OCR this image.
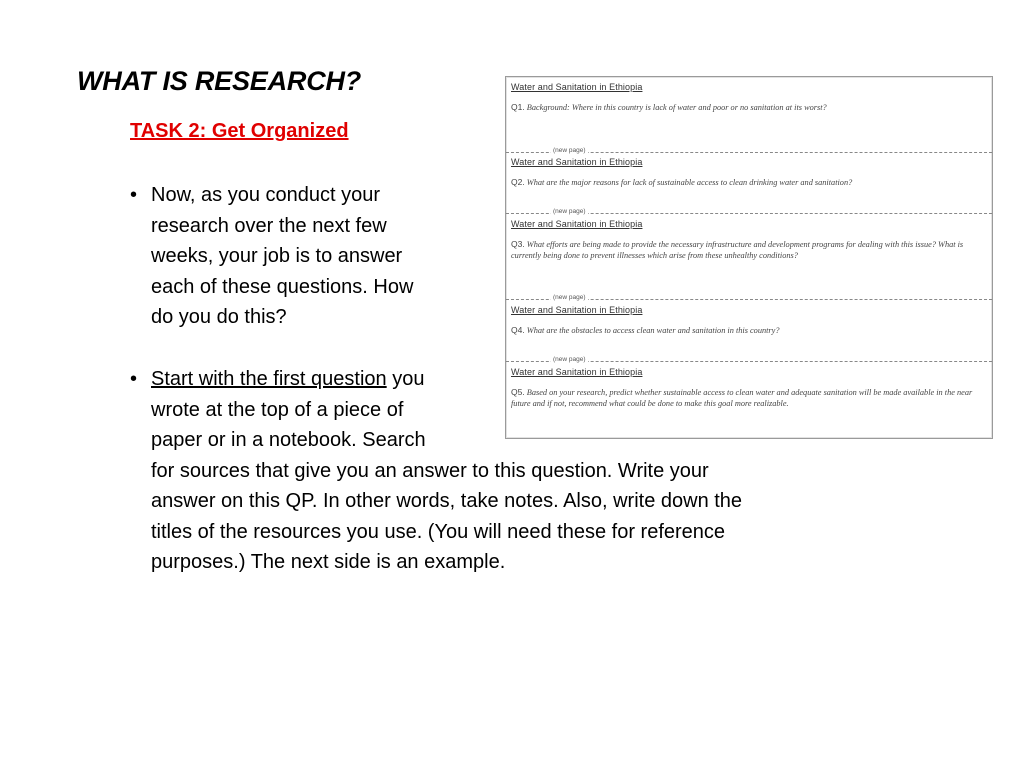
WHAT IS RESEARCH?
TASK 2: Get Organized
• Now, as you conduct your
research over the next few
weeks, your job is to answer
each of these questions. How
do you do this?
• Start with the first question you
wrote at the top of a piece of
paper or in a notebook. Search
for sources that give you an answer to this question. Write your
answer on this QP. In other words, take notes. Also, write down the
titles of the resources you use. (You will need these for reference
purposes.) The next side is an example.
Water and Sanitation in Ethiopia
Q1. Background: Where in this country is lack of water and poor or no sanitation at its worst?
(new page)
Water and Sanitation in Ethiopia
Q2. What are the major reasons for lack of sustainable access to clean drinking water and sanitation?
(new page)
Water and Sanitation in Ethiopia
Q3. What efforts are being made to provide the necessary infrastructure and development programs for dealing with this issue? What is currently being done to prevent illnesses which arise from these unhealthy conditions?
(new page)
Water and Sanitation in Ethiopia
Q4. What are the obstacles to access clean water and sanitation in this country?
(new page)
Water and Sanitation in Ethiopia
Q5. Based on your research, predict whether sustainable access to clean water and adequate sanitation will be made available in the near future and if not, recommend what could be done to make this goal more realizable.
